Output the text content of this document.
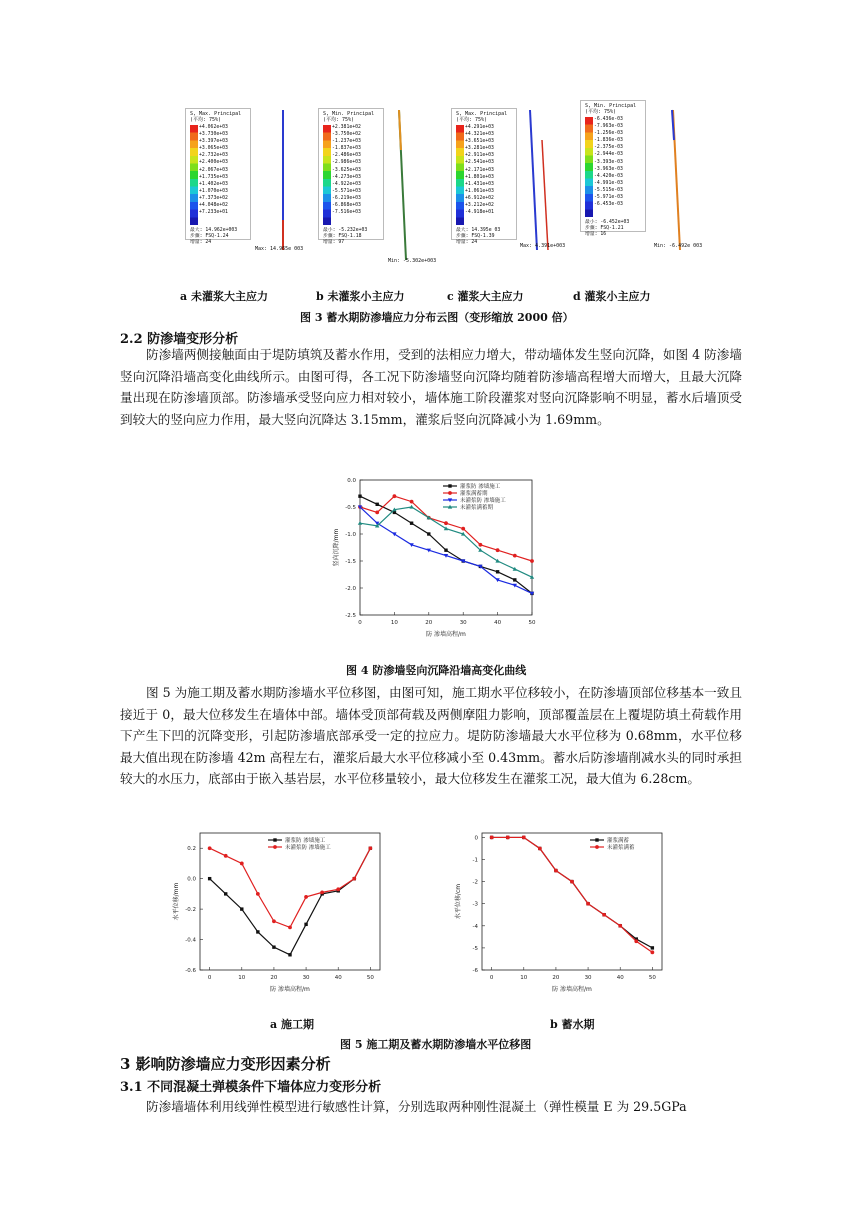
S, Max. Principal
(平均: 75%)
+4.062e+03
+3.730e+03
+3.397e+03
+3.065e+03
+2.732e+03
+2.400e+03
+2.067e+03
+1.735e+03
+1.402e+03
+1.070e+03
+7.373e+02
+4.048e+02
+7.233e+01
最大: 14.962e+003
步骤: FSQ-1.24
增量: 24
S, Min. Principal
(平均: 75%)
+2.381e+02
-3.750e+02
-1.237e+03
-1.837e+03
-2.486e+03
-2.986e+03
-3.625e+03
-4.273e+03
-4.922e+03
-5.571e+03
-6.219e+03
-6.868e+03
-7.516e+03
最小: -5.232e+03
步骤: FSQ-1.18
增量: 97
S, Max. Principal
(平均: 75%)
+4.291e+03
+4.321e+03
+3.651e+03
+3.281e+03
+2.911e+03
+2.541e+03
+2.171e+03
+1.801e+03
+1.431e+03
+1.061e+03
+6.912e+02
+3.212e+02
-4.918e+01
最大: 14.395e 03
步骤: FSQ-1.39
增量: 24
S, Min. Principal
(平均: 75%)
-6.436e-03
-7.963e-03
-1.256e-03
-1.836e-03
-2.375e-03
-2.944e-03
-3.393e-03
-3.963e-03
-4.420e-03
-4.991e-03
-5.515e-03
-5.971e-03
-6.453e-03
最小: -6.452e+03
步骤: FSQ-1.21
增量: 16
Max: 14.965e 003
Min: -5.302e+003
Max: 4.391e+003	Min: -6.492e 003
a 未灌浆大主应力	b 未灌浆小主应力	c 灌浆大主应力	d 灌浆小主应力
图 3 蓄水期防渗墙应力分布云图（变形缩放 2000 倍）
2.2 防渗墙变形分析
防渗墙两侧接触面由于堤防填筑及蓄水作用，受到的法相应力增大，带动墙体发生竖向沉降，如图 4 防渗墙竖向沉降沿墙高变化曲线所示。由图可得，各工况下防渗墙竖向沉降均随着防渗墙高程增大而增大，且最大沉降量出现在防渗墙顶部。防渗墙承受竖向应力相对较小，墙体施工阶段灌浆对竖向沉降影响不明显，蓄水后墙顶受到较大的竖向应力作用，最大竖向沉降达 3.15mm，灌浆后竖向沉降减小为 1.69mm。
0	10	20	30	40	50
0.0
-0.5
-1.0
-1.5
-2.0
-2.5
防 渗墙高程/m
竖向沉降/mm
灌浆防 渗墙施工
灌浆满蓄期
未灌浆防 渗墙施工
未灌浆满蓄期
图 4 防渗墙竖向沉降沿墙高变化曲线
图 5 为施工期及蓄水期防渗墙水平位移图，由图可知，施工期水平位移较小，在防渗墙顶部位移基本一致且接近于 0，最大位移发生在墙体中部。墙体受顶部荷载及两侧摩阻力影响，顶部覆盖层在上覆堤防填土荷载作用下产生下凹的沉降变形，引起防渗墙底部承受一定的拉应力。堤防防渗墙最大水平位移为 0.68mm，水平位移最大值出现在防渗墙 42m 高程左右，灌浆后最大水平位移减小至 0.43mm。蓄水后防渗墙削减水头的同时承担较大的水压力，底部由于嵌入基岩层，水平位移量较小，最大位移发生在灌浆工况，最大值为 6.28cm。
0	10	20	30	40	50
0.2
0.0
-0.2
-0.4
-0.6
防 渗墙高程/m
水平位移/mm
灌浆防 渗墙施工
未灌浆防 渗墙施工
0	10	20	30	40	50
0
-1
-2
-3
-4
-5
-6
防 渗墙高程/m
水平位移/cm
灌浆满蓄
未灌浆满蓄
a 施工期	b 蓄水期
图 5 施工期及蓄水期防渗墙水平位移图
3 影响防渗墙应力变形因素分析
3.1 不同混凝土弹模条件下墙体应力变形分析
防渗墙墙体利用线弹性模型进行敏感性计算，分别选取两种刚性混凝土（弹性模量 E 为 29.5GPa
